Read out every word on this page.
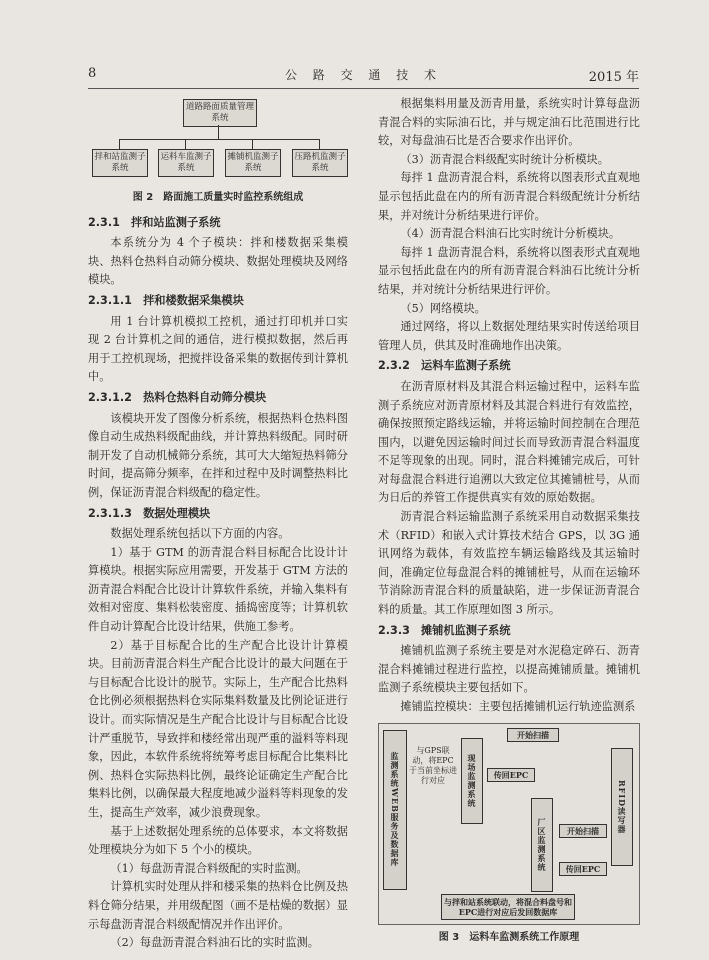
8	公 路 交 通 技 术	2015 年
道路路面质量管理系统
拌和站监测子系统
运料车监测子系统
摊铺机监测子系统
压路机监测子系统
图 2　路面施工质量实时监控系统组成
2.3.1　拌和站监测子系统

本系统分为 4 个子模块：拌和楼数据采集模块、热料仓热料自动筛分模块、数据处理模块及网络模块。

2.3.1.1　拌和楼数据采集模块

用 1 台计算机模拟工控机，通过打印机并口实现 2 台计算机之间的通信，进行模拟数据，然后再用于工控机现场，把搅拌设备采集的数据传到计算机中。

2.3.1.2　热料仓热料自动筛分模块

该模块开发了图像分析系统，根据热料仓热料图像自动生成热料级配曲线，并计算热料级配。同时研制开发了自动机械筛分系统，其可大大缩短热料筛分时间，提高筛分频率，在拌和过程中及时调整热料比例，保证沥青混合料级配的稳定性。

2.3.1.3　数据处理模块

数据处理系统包括以下方面的内容。

1）基于 GTM 的沥青混合料目标配合比设计计算模块。根据实际应用需要，开发基于 GTM 方法的沥青混合料配合比设计计算软件系统，并输入集料有效相对密度、集料松装密度、插捣密度等；计算机软件自动计算配合比设计结果，供施工参考。

2）基于目标配合比的生产配合比设计计算模块。目前沥青混合料生产配合比设计的最大问题在于与目标配合比设计的脱节。实际上，生产配合比热料仓比例必须根据热料仓实际集料数量及比例论证进行设计。而实际情况是生产配合比设计与目标配合比设计严重脱节，导致拌和楼经常出现严重的溢料等料现象，因此，本软件系统将统筹考虑目标配合比集料比例、热料仓实际热料比例，最终论证确定生产配合比集料比例，以确保最大程度地减少溢料等料现象的发生，提高生产效率，减少浪费现象。

基于上述数据处理系统的总体要求，本文将数据处理模块分为如下 5 个小的模块。

（1）每盘沥青混合料级配的实时监测。

计算机实时处理从拌和楼采集的热料仓比例及热料仓筛分结果，并用级配图（画不是枯燥的数据）显示每盘沥青混合料级配情况并作出评价。

（2）每盘沥青混合料油石比的实时监测。

根据集料用量及沥青用量，系统实时计算每盘沥青混合料的实际油石比，并与规定油石比范围进行比较，对每盘油石比是否合要求作出评价。

（3）沥青混合料级配实时统计分析模块。

每拌 1 盘沥青混合料，系统将以图表形式直观地显示包括此盘在内的所有沥青混合料级配统计分析结果，并对统计分析结果进行评价。

（4）沥青混合料油石比实时统计分析模块。

每拌 1 盘沥青混合料，系统将以图表形式直观地显示包括此盘在内的所有沥青混合料油石比统计分析结果，并对统计分析结果进行评价。

（5）网络模块。

通过网络，将以上数据处理结果实时传送给项目管理人员，供其及时准确地作出决策。

2.3.2　运料车监测子系统

在沥青原材料及其混合料运输过程中，运料车监测子系统应对沥青原材料及其混合料进行有效监控，确保按照预定路线运输，并将运输时间控制在合理范围内，以避免因运输时间过长而导致沥青混合料温度不足等现象的出现。同时，混合料摊铺完成后，可针对每盘混合料进行追溯以大致定位其摊铺桩号，从而为日后的养管工作提供真实有效的原始数据。

沥青混合料运输监测子系统采用自动数据采集技术（RFID）和嵌入式计算技术结合 GPS，以 3G 通讯网络为载体，有效监控车辆运输路线及其运输时间，准确定位每盘混合料的摊铺桩号，从而在运输环节消除沥青混合料的质量缺陷，进一步保证沥青混合料的质量。其工作原理如图 3 所示。

2.3.3　摊铺机监测子系统

摊铺机监测子系统主要是对水泥稳定碎石、沥青混合料摊铺过程进行监控，以提高摊铺质量。摊铺机监测子系统模块主要包括如下。

摊铺监控模块：主要包括摊铺机运行轨迹监测系

监测系统WEB服务及数据库	现场监测系统
厂区监测系统
RFID读写器
与GPS联动，将EPC于当前坐标进行对应
开始扫描
传回EPC
开始扫描
传回EPC
与拌和站系统联动，将混合料盘号和EPC进行对应后发回数据库
图 3　运料车监测系统工作原理
